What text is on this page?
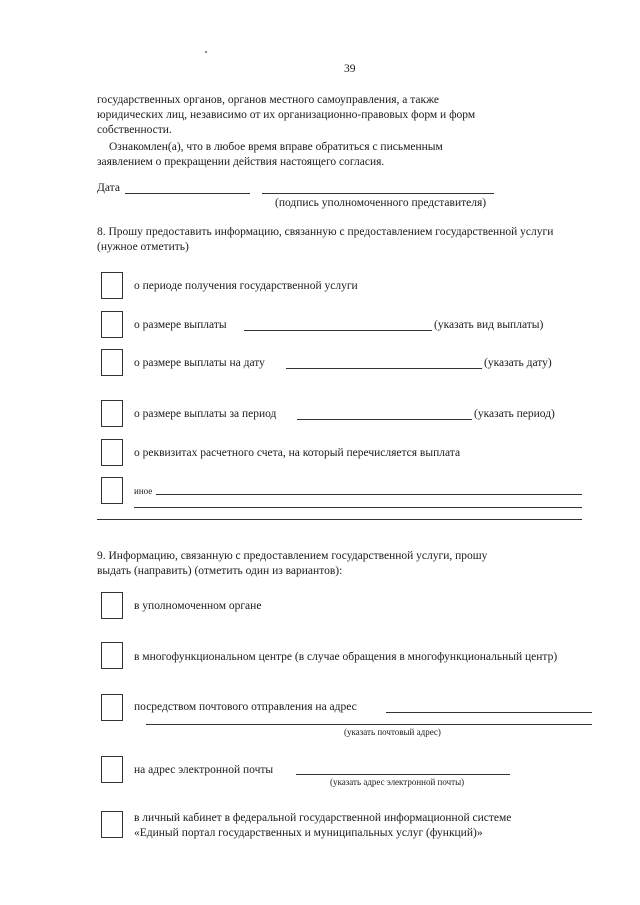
39
государственных органов, органов местного самоуправления, а также
юридических лиц, независимо от их организационно-правовых форм и форм
собственности.
Ознакомлен(а), что в любое время вправе обратиться с письменным
заявлением о прекращении действия настоящего согласия.
Дата
(подпись уполномоченного представителя)
8. Прошу предоставить информацию, связанную с предоставлением государственной услуги
(нужное отметить)
о периоде получения государственной услуги
о размере выплаты	(указать вид выплаты)
о размере выплаты на дату	(указать дату)
о размере выплаты за период	(указать период)
о реквизитах расчетного счета, на который перечисляется выплата
иное
9. Информацию, связанную с предоставлением государственной услуги, прошу
выдать (направить) (отметить один из вариантов):
в уполномоченном органе
в многофункциональном центре (в случае обращения в многофункциональный центр)
посредством почтового отправления на адрес
(указать почтовый адрес)
на адрес электронной почты
(указать адрес электронной почты)
в личный кабинет в федеральной государственной информационной системе
«Единый портал государственных и муниципальных услуг (функций)»
